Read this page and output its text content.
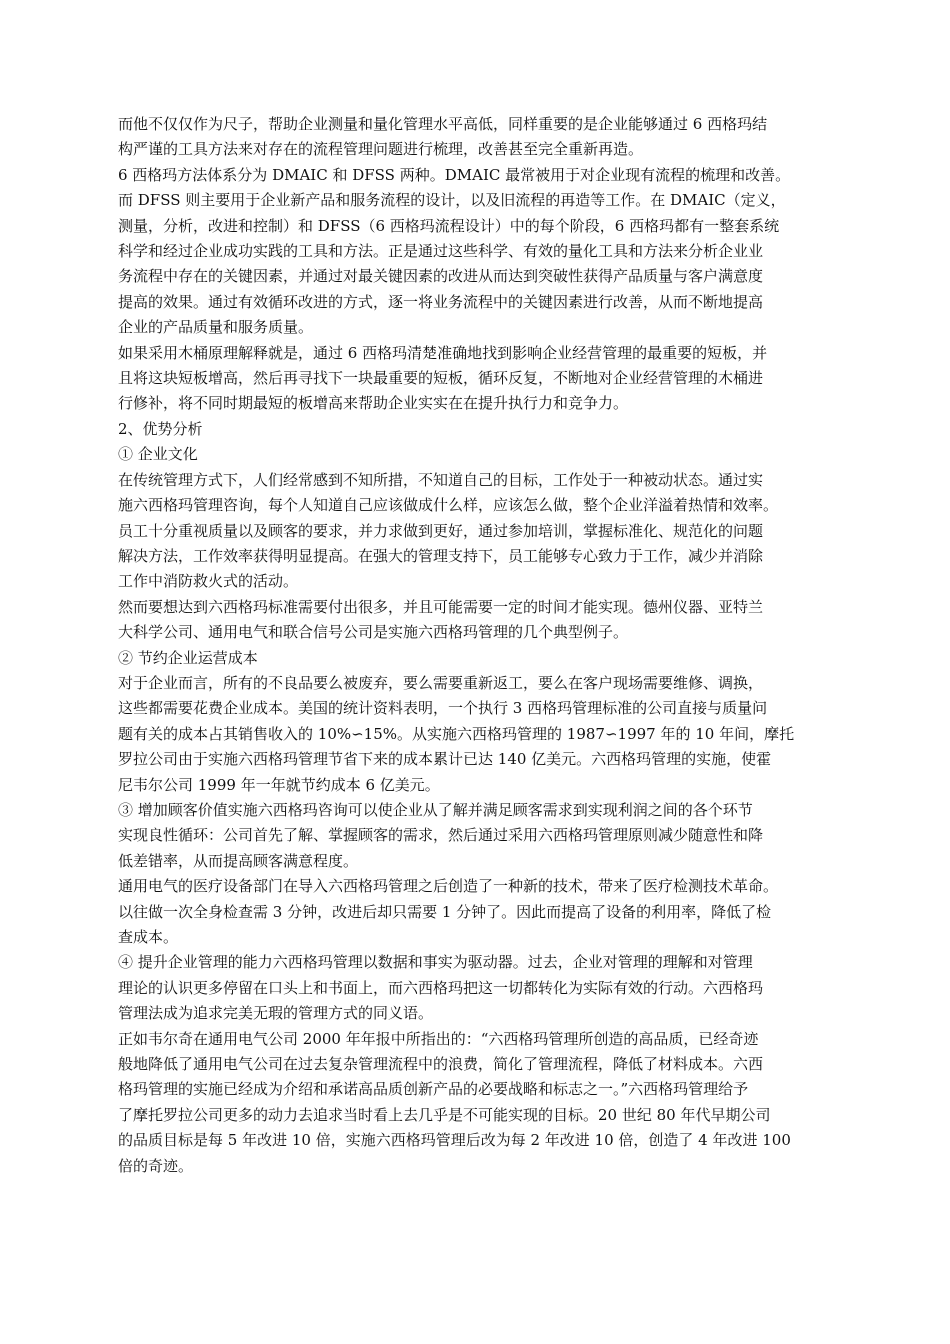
而他不仅仅作为尺子，帮助企业测量和量化管理水平高低，同样重要的是企业能够通过 6 西格玛结

构严谨的工具方法来对存在的流程管理问题进行梳理，改善甚至完全重新再造。

6 西格玛方法体系分为 DMAIC 和 DFSS 两种。DMAIC 最常被用于对企业现有流程的梳理和改善。

而 DFSS 则主要用于企业新产品和服务流程的设计，以及旧流程的再造等工作。在 DMAIC（定义，

测量，分析，改进和控制）和 DFSS（6 西格玛流程设计）中的每个阶段，6 西格玛都有一整套系统

科学和经过企业成功实践的工具和方法。正是通过这些科学、有效的量化工具和方法来分析企业业

务流程中存在的关键因素，并通过对最关键因素的改进从而达到突破性获得产品质量与客户满意度

提高的效果。通过有效循环改进的方式，逐一将业务流程中的关键因素进行改善，从而不断地提高

企业的产品质量和服务质量。

如果采用木桶原理解释就是，通过 6 西格玛清楚准确地找到影响企业经营管理的最重要的短板，并

且将这块短板增高，然后再寻找下一块最重要的短板，循环反复，不断地对企业经营管理的木桶进

行修补，将不同时期最短的板增高来帮助企业实实在在提升执行力和竞争力。

2、优势分析

① 企业文化

在传统管理方式下，人们经常感到不知所措，不知道自己的目标，工作处于一种被动状态。通过实

施六西格玛管理咨询，每个人知道自己应该做成什么样，应该怎么做，整个企业洋溢着热情和效率。

员工十分重视质量以及顾客的要求，并力求做到更好，通过参加培训，掌握标准化、规范化的问题

解决方法，工作效率获得明显提高。在强大的管理支持下，员工能够专心致力于工作，减少并消除

工作中消防救火式的活动。

然而要想达到六西格玛标准需要付出很多，并且可能需要一定的时间才能实现。德州仪器、亚特兰

大科学公司、通用电气和联合信号公司是实施六西格玛管理的几个典型例子。

② 节约企业运营成本

对于企业而言，所有的不良品要么被废弃，要么需要重新返工，要么在客户现场需要维修、调换，

这些都需要花费企业成本。美国的统计资料表明，一个执行 3 西格玛管理标准的公司直接与质量问

题有关的成本占其销售收入的 10%∽15%。从实施六西格玛管理的 1987∽1997 年的 10 年间，摩托

罗拉公司由于实施六西格玛管理节省下来的成本累计已达 140 亿美元。六西格玛管理的实施，使霍

尼韦尔公司 1999 年一年就节约成本 6 亿美元。

③ 增加顾客价值实施六西格玛咨询可以使企业从了解并满足顾客需求到实现利润之间的各个环节

实现良性循环：公司首先了解、掌握顾客的需求，然后通过采用六西格玛管理原则减少随意性和降

低差错率，从而提高顾客满意程度。

通用电气的医疗设备部门在导入六西格玛管理之后创造了一种新的技术，带来了医疗检测技术革命。

以往做一次全身检查需 3 分钟，改进后却只需要 1 分钟了。因此而提高了设备的利用率，降低了检

查成本。

④ 提升企业管理的能力六西格玛管理以数据和事实为驱动器。过去，企业对管理的理解和对管理

理论的认识更多停留在口头上和书面上，而六西格玛把这一切都转化为实际有效的行动。六西格玛

管理法成为追求完美无瑕的管理方式的同义语。

正如韦尔奇在通用电气公司 2000 年年报中所指出的：“六西格玛管理所创造的高品质，已经奇迹

般地降低了通用电气公司在过去复杂管理流程中的浪费，简化了管理流程，降低了材料成本。六西

格玛管理的实施已经成为介绍和承诺高品质创新产品的必要战略和标志之一。”六西格玛管理给予

了摩托罗拉公司更多的动力去追求当时看上去几乎是不可能实现的目标。20 世纪 80 年代早期公司

的品质目标是每 5 年改进 10 倍，实施六西格玛管理后改为每 2 年改进 10 倍，创造了 4 年改进 100

倍的奇迹。
